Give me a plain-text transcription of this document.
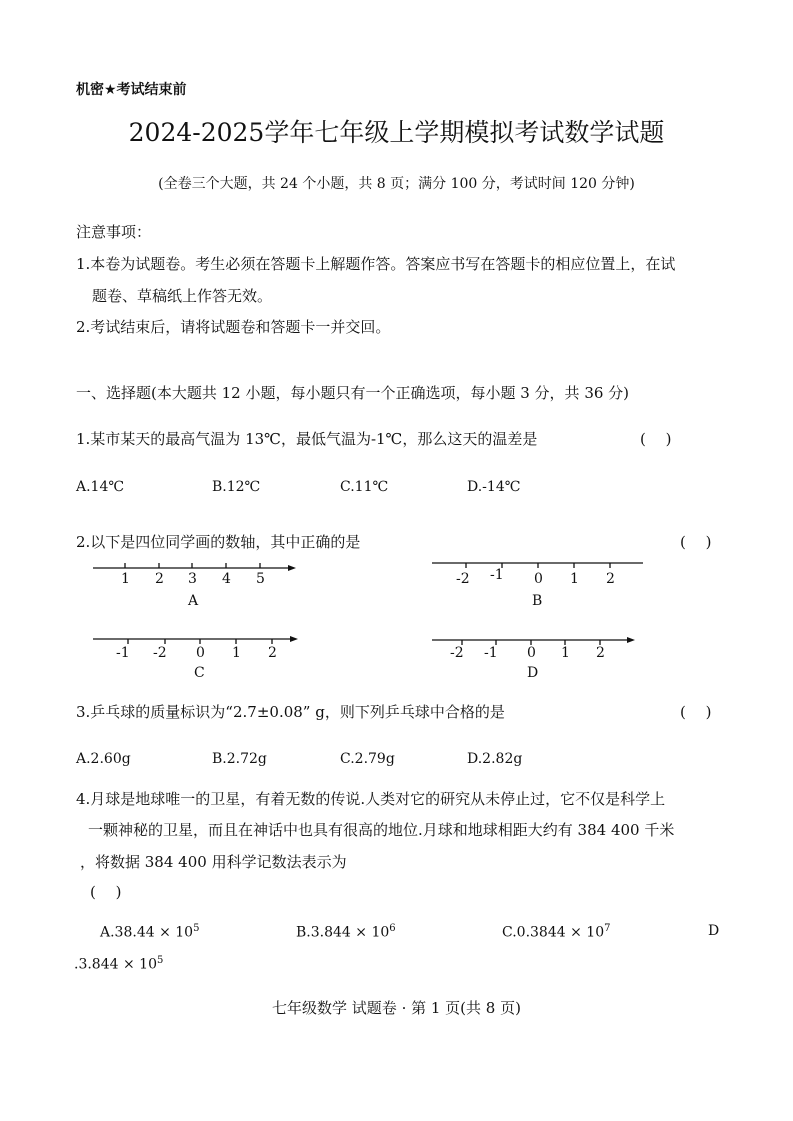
机密★考试结束前
2024-2025学年七年级上学期模拟考试数学试题
(全卷三个大题，共 24 个小题，共 8 页；满分 100 分，考试时间 120 分钟)
注意事项：
1.本卷为试题卷。考生必须在答题卡上解题作答。答案应书写在答题卡的相应位置上，在试
题卷、草稿纸上作答无效。
2.考试结束后，请将试题卷和答题卡一并交回。
一、选择题(本大题共 12 小题，每小题只有一个正确选项，每小题 3 分，共 36 分)
1.某市某天的最高气温为 13℃，最低气温为-1℃，那么这天的温差是	(　 )
A.14℃	B.12℃	C.11℃	D.-14℃
2.以下是四位同学画的数轴，其中正确的是	(　 )
1 2 3 4 5
A
-2 -1 0 1 2
B
-1 -2 0 1 2
C
-2 -1 0 1 2
D
3.乒乓球的质量标识为“2.7±0.08” g，则下列乒乓球中合格的是	(　 )
A.2.60g	B.2.72g	C.2.79g	D.2.82g
4.月球是地球唯一的卫星，有着无数的传说.人类对它的研究从未停止过，它不仅是科学上
一颗神秘的卫星，而且在神话中也具有很高的地位.月球和地球相距大约有 384 400 千米
，将数据 384 400 用科学记数法表示为
(　 )
$A.38.44 \times 10^5$	$B.3.844 \times 10^6$	$C.0.3844 \times 10^7$	D
$.3.844 \times 10^5$
七年级数学 试题卷 · 第 1 页(共 8 页)
